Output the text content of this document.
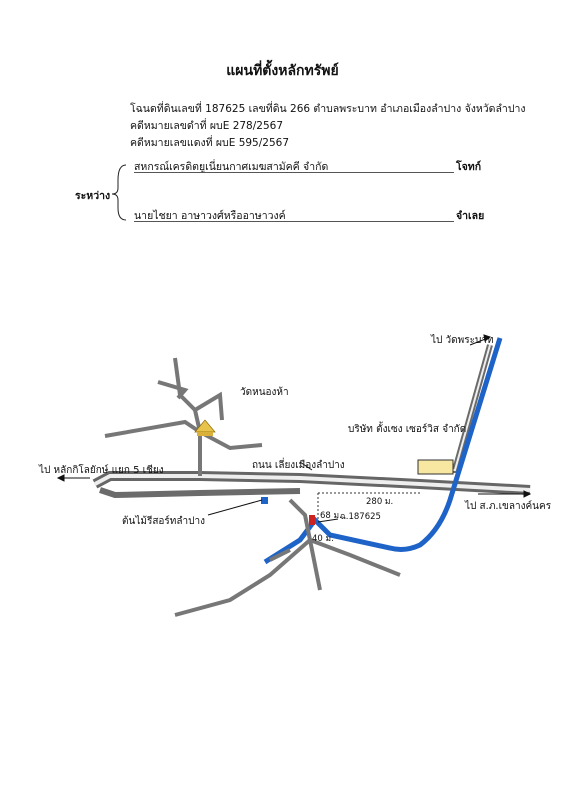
แผนที่ตั้งหลักทรัพย์
โฉนดที่ดินเลขที่ 187625 เลขที่ดิน 266 ตำบลพระบาท อำเภอเมืองลำปาง จังหวัดลำปาง
คดีหมายเลขดำที่ ผบE 278/2567
คดีหมายเลขแดงที่ ผบE 595/2567
ระหว่าง
สหกรณ์เครดิตยูเนี่ยนกาศเมฆสามัคคี จำกัด	โจทก์
นายไชยา อาษาวงศ์หรืออาษาวงค์	จำเลย
ไป วัดพระบาท
วัดหนองห้า
บริษัท ตั้งเซง เซอร์วิส จำกัด
ถนน เลี่ยงเมืองลำปาง
ไป หลักกิโลยักษ์ แยก 5 เชียง
ไป ส.ภ.เขลางค์นคร
280 ม.
68 ม.
40 ม.
ฉ.187625
ต้นไม้รีสอร์ทลำปาง
